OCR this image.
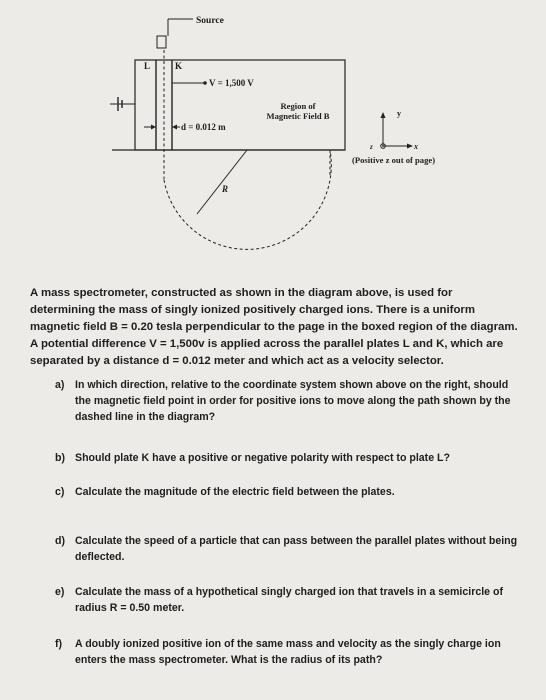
Source
L	K
V = 1,500 V
d = 0.012 m
Region of
Magnetic Field B
R
y
x
z
(Positive z out of page)
A mass spectrometer, constructed as shown in the diagram above, is used for determining the mass of singly ionized positively charged ions. There is a uniform magnetic field B = 0.20 tesla perpendicular to the page in the boxed region of the diagram. A potential difference V = 1,500v is applied across the parallel plates L and K, which are separated by a distance d = 0.012 meter and which act as a velocity selector.
a) In which direction, relative to the coordinate system shown above on the right, should the magnetic field point in order for positive ions to move along the path shown by the dashed line in the diagram?
b) Should plate K have a positive or negative polarity with respect to plate L?
c) Calculate the magnitude of the electric field between the plates.
d) Calculate the speed of a particle that can pass between the parallel plates without being deflected.
e) Calculate the mass of a hypothetical singly charged ion that travels in a semicircle of radius R = 0.50 meter.
f)	A doubly ionized positive ion of the same mass and velocity as the singly charge ion enters the mass spectrometer. What is the radius of its path?
